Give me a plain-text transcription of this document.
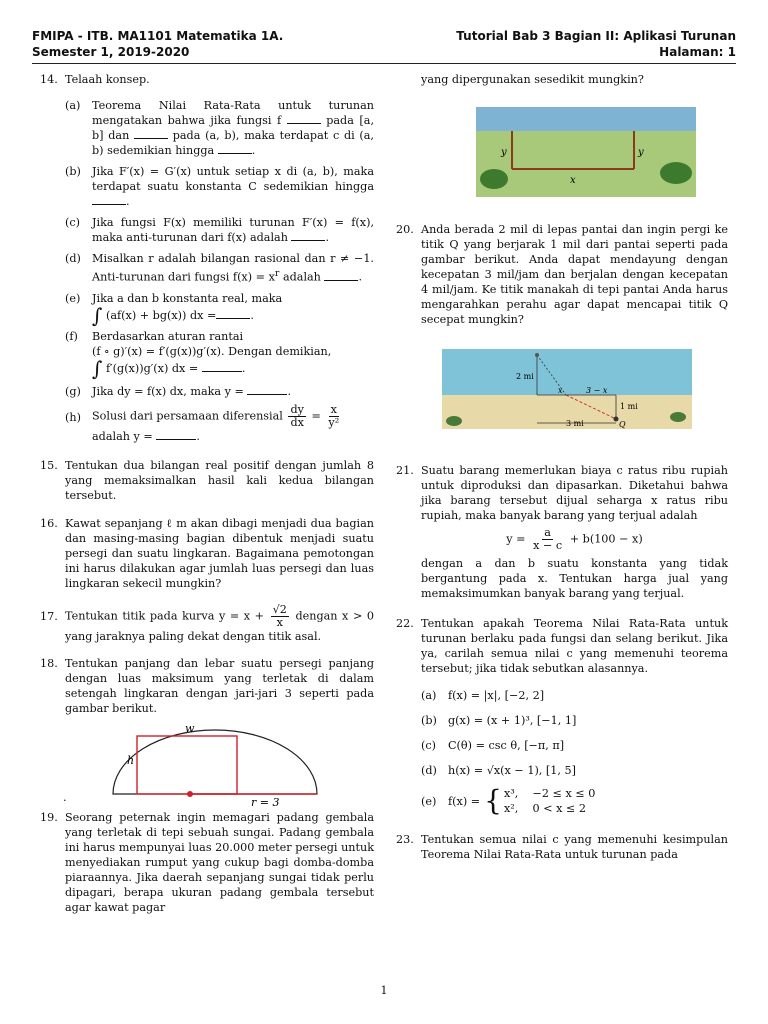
FMIPA - ITB. MA1101 Matematika 1A.	Tutorial Bab 3 Bagian II: Aplikasi Turunan
Semester 1, 2019-2020	Halaman: 1
14. Telaah konsep.
(a) Teorema Nilai Rata-Rata untuk turunan mengatakan bahwa jika fungsi f	pada [a, b] dan	pada (a, b), maka terdapat c di (a, b) sedemikian hingga	.
(b) Jika F′(x) = G′(x) untuk setiap x di (a, b), maka terdapat suatu konstanta C sedemikian hingga .
(c) Jika fungsi F(x) memiliki turunan F′(x) = f(x), maka anti-turunan dari f(x) adalah	.
(d) Misalkan r adalah bilangan rasional dan r ≠ −1. Anti-turunan dari fungsi $f(x) = x^r$ adalah	.
(e) Jika a dan b konstanta real, maka
∫ (af(x) + bg(x)) dx =	.
(f) Berdasarkan aturan rantai
(f ∘ g)′(x) = f′(g(x))g′(x). Dengan demikian,
∫ f′(g(x))g′(x) dx =	.
(g) Jika dy = f(x) dx, maka y =	.
(h) Solusi dari persamaan diferensial $\frac{dy}{dx} = \frac{x}{\text{y²}}$
adalah y =	.
15. Tentukan dua bilangan real positif dengan jumlah 8 yang memaksimalkan hasil kali kedua bilangan tersebut.
16. Kawat sepanjang ℓ m akan dibagi menjadi dua bagian dan masing-masing bagian dibentuk menjadi suatu persegi dan suatu lingkaran. Bagaimana pemotongan ini harus dilakukan agar jumlah luas persegi dan luas lingkaran sekecil mungkin?
17. Tentukan titik pada kurva $y = x + \frac{√2}{x}$ dengan x > 0 yang jaraknya paling dekat dengan titik asal.
18. Tentukan panjang dan lebar suatu persegi panjang dengan luas maksimum yang terletak di dalam setengah lingkaran dengan jari-jari 3 seperti pada gambar berikut.
w
h
r = 3
.
19. Seorang peternak ingin memagari padang gembala yang terletak di tepi sebuah sungai. Padang gembala ini harus mempunyai luas 20.000 meter persegi untuk menyediakan rumput yang cukup bagi domba-domba piaraannya. Jika daerah sepanjang sungai tidak perlu dipagari, berapa ukuran padang gembala tersebut agar kawat pagar
yang dipergunakan sesedikit mungkin?
y	y
x
20. Anda berada 2 mil di lepas pantai dan ingin pergi ke titik Q yang berjarak 1 mil dari pantai seperti pada gambar berikut. Anda dapat mendayung dengan kecepatan 3 mil/jam dan berjalan dengan kecepatan 4 mil/jam. Ke titik manakah di tepi pantai Anda harus mengarahkan perahu agar dapat mencapai titik Q secepat mungkin?
2 mi
x	3 − x
1 mi
3 mi	Q
21. Suatu barang memerlukan biaya c ratus ribu rupiah untuk diproduksi dan dipasarkan. Diketahui bahwa jika barang tersebut dijual seharga x ratus ribu rupiah, maka banyak barang yang terjual adalah
$y = \frac{a}{x - c} + b(100 - x)$
dengan a dan b suatu konstanta yang tidak bergantung pada x. Tentukan harga jual yang memaksimumkan banyak barang yang terjual.
22. Tentukan apakah Teorema Nilai Rata-Rata untuk turunan berlaku pada fungsi dan selang berikut. Jika ya, carilah semua nilai c yang memenuhi teorema tersebut; jika tidak sebutkan alasannya.
(a) f(x) = |x|, [−2, 2]
(b) g(x) = (x + 1)³, [−1, 1]
(c) C(θ) = csc θ, [−π, π]
(d) h(x) = √x(x − 1), [1, 5]
(e) f(x) = { x³,    −2 ≤ x ≤ 0
x²,    0 < x ≤ 2
23. Tentukan semua nilai c yang memenuhi kesimpulan Teorema Nilai Rata-Rata untuk turunan pada
1
